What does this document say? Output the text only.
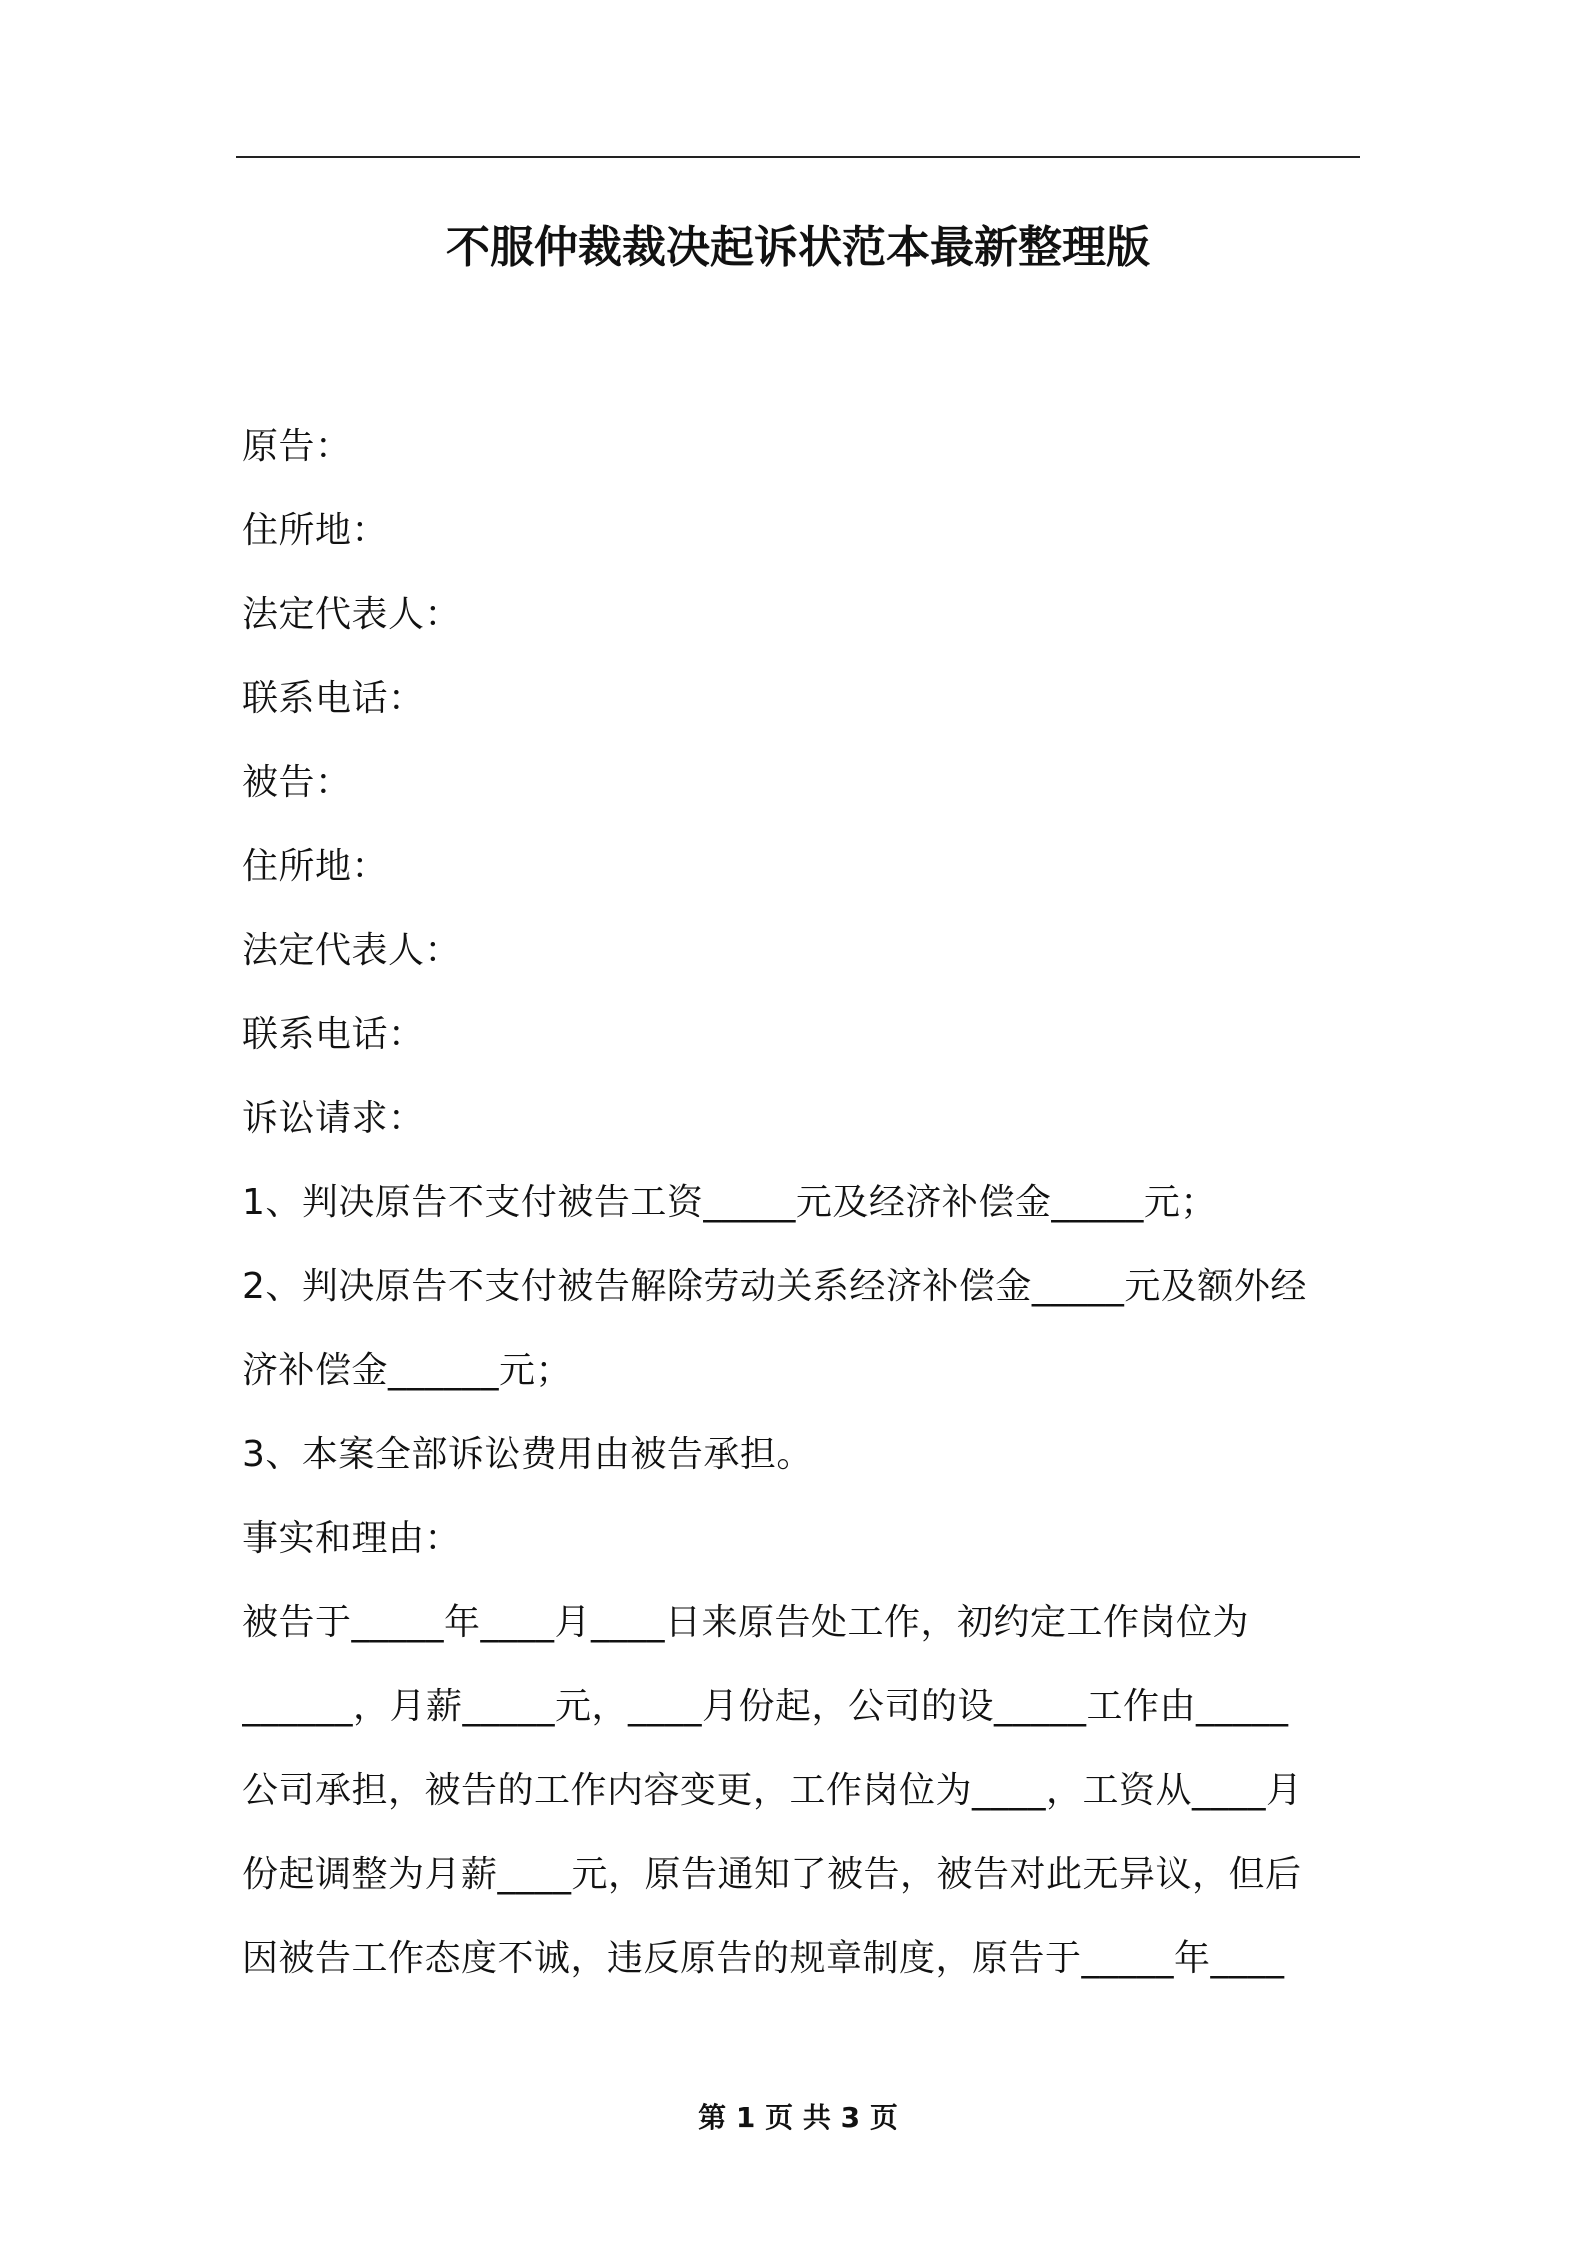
不服仲裁裁决起诉状范本最新整理版
原告：
住所地：
法定代表人：
联系电话：
被告：
住所地：
法定代表人：
联系电话：
诉讼请求：
1、判决原告不支付被告工资_____元及经济补偿金_____元；
2、判决原告不支付被告解除劳动关系经济补偿金_____元及额外经
济补偿金______元；
3、本案全部诉讼费用由被告承担。
事实和理由：
被告于_____年____月____日来原告处工作，初约定工作岗位为
______，月薪_____元，____月份起，公司的设_____工作由_____
公司承担，被告的工作内容变更，工作岗位为____，工资从____月
份起调整为月薪____元，原告通知了被告，被告对此无异议，但后
因被告工作态度不诚，违反原告的规章制度，原告于_____年____
第 1 页 共 3 页
